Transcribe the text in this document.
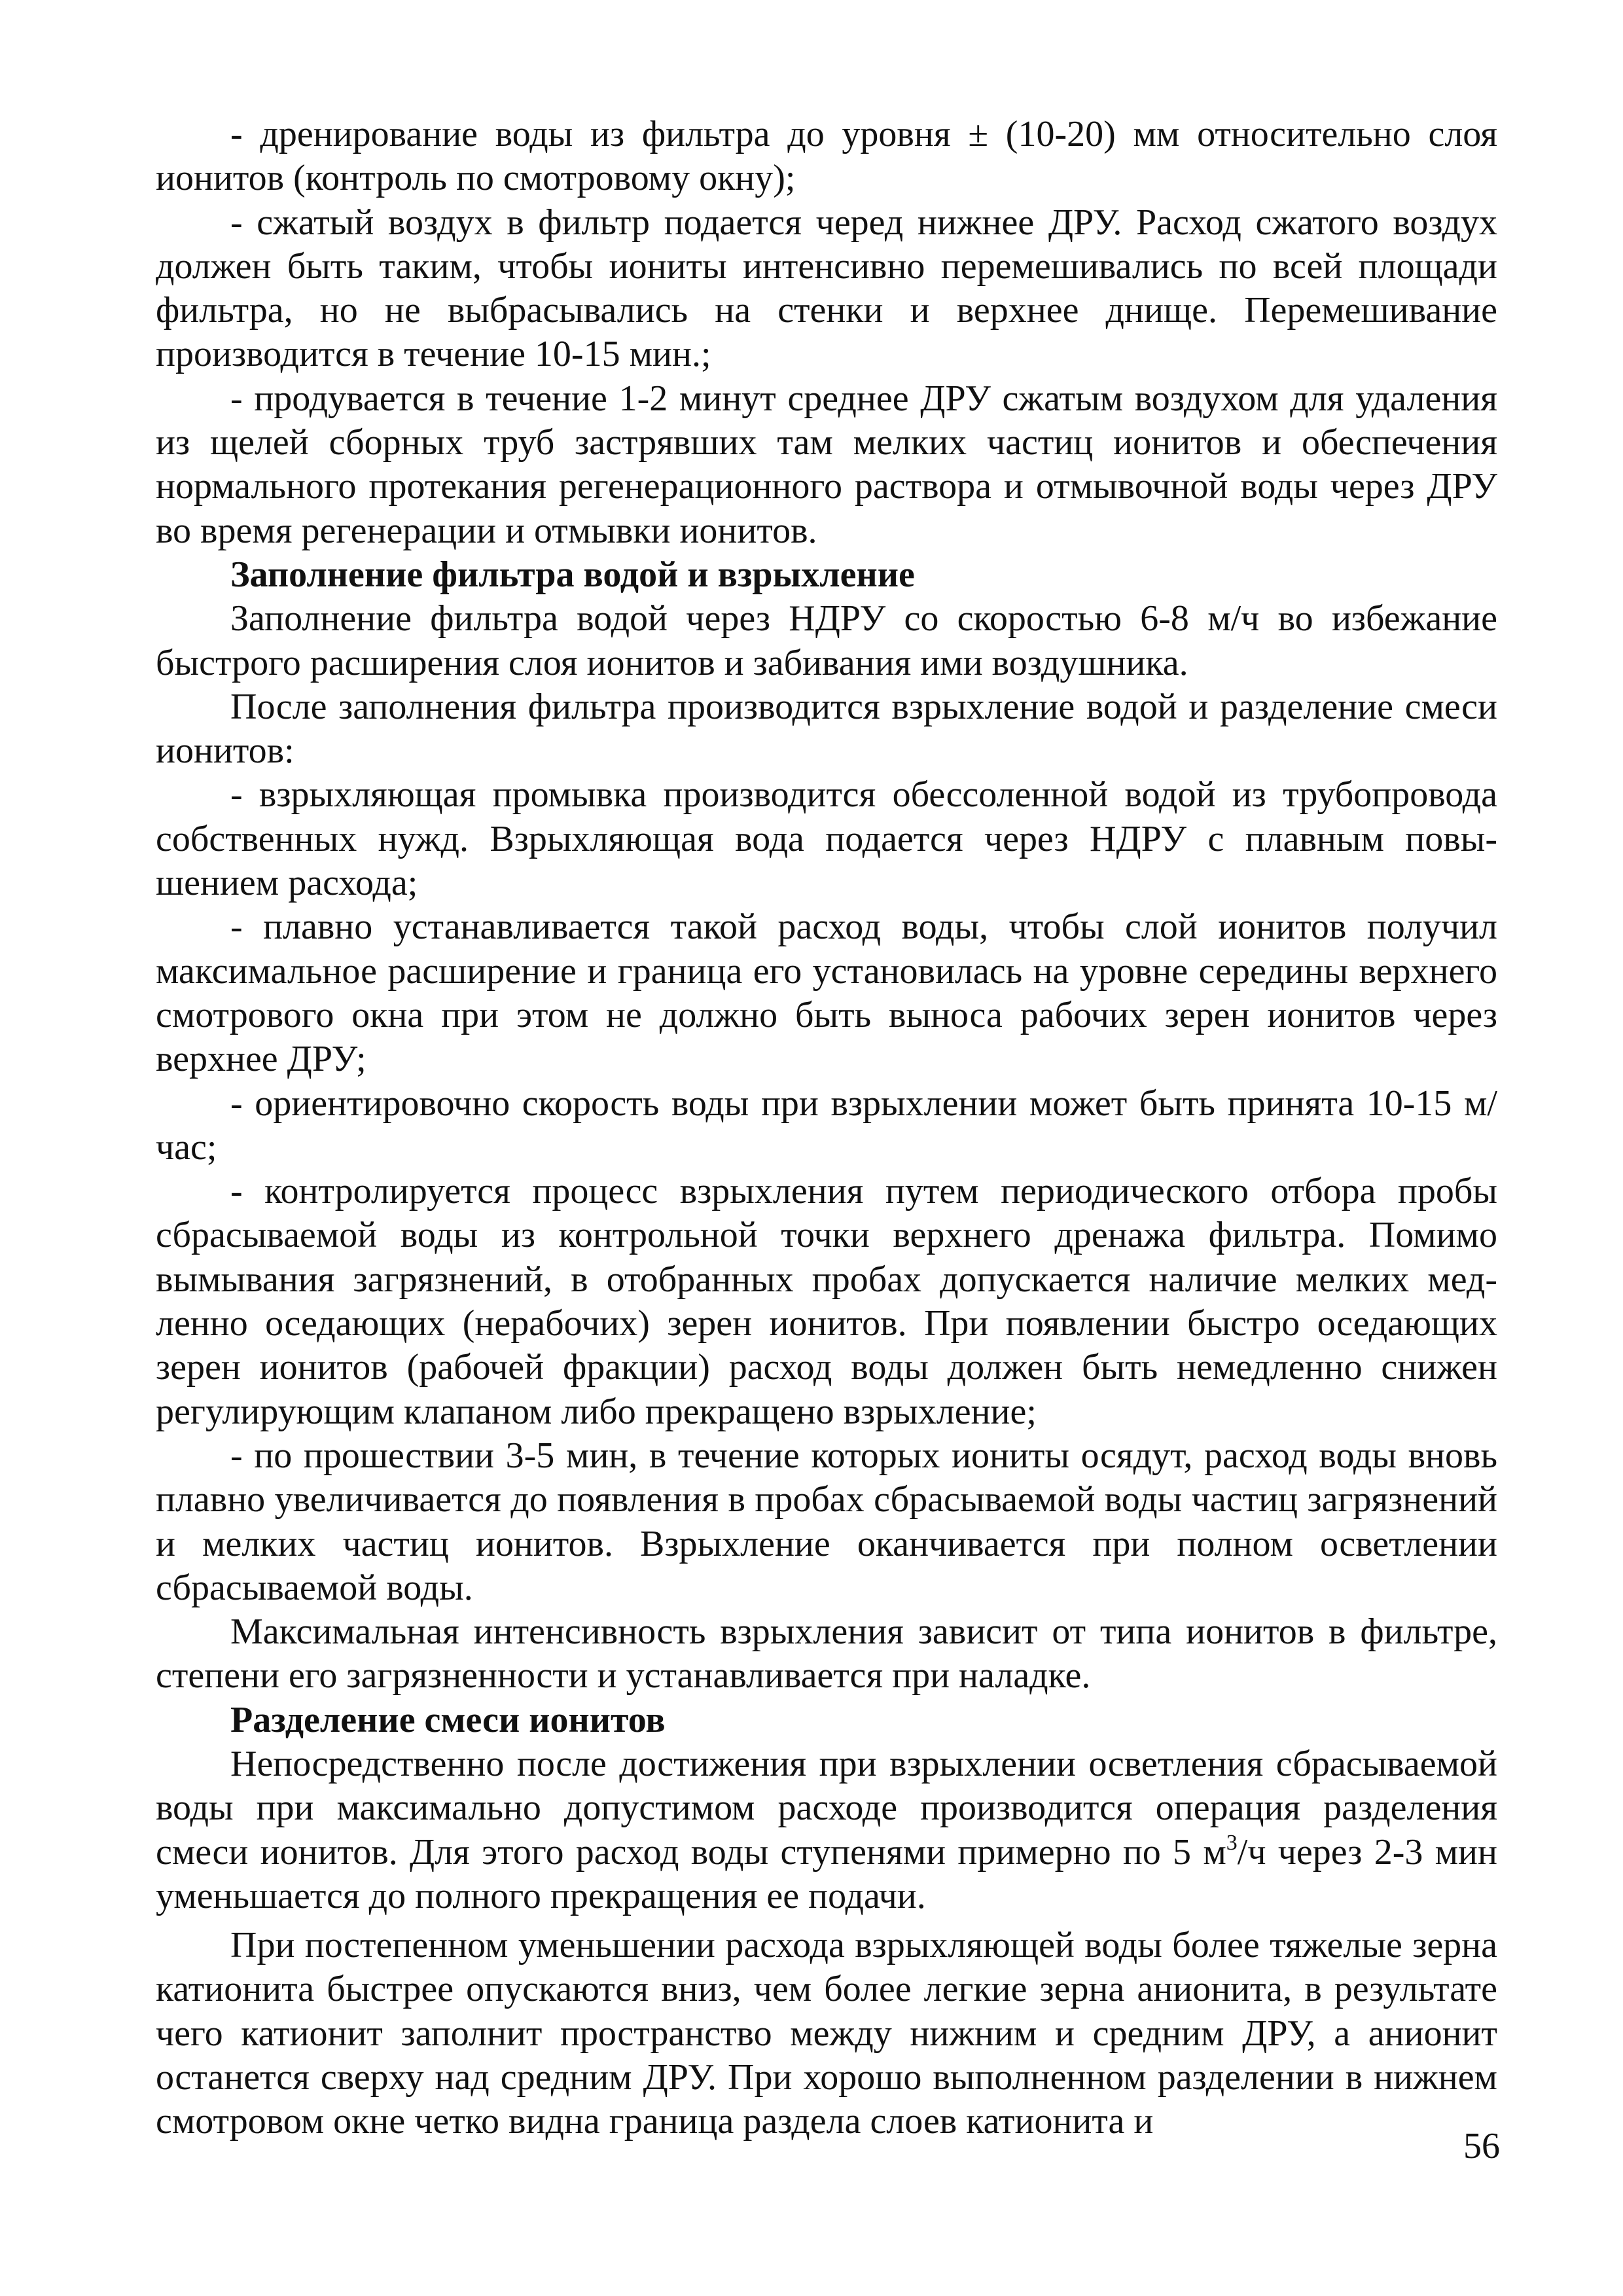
- дренирование воды из фильтра до уровня ± (10-20) мм относительно слоя ионитов (контроль по смотровому окну);

- сжатый воздух в фильтр подается черед нижнее ДРУ. Расход сжатого воздух должен быть таким, чтобы иониты интенсивно перемешивались по всей площади фильтра, но не выбрасывались на стенки и верхнее днище. Перемешивание производится в течение 10-15 мин.;

- продувается в течение 1-2 минут среднее ДРУ сжатым воздухом для удаления из щелей сборных труб застрявших там мелких частиц ионитов и обеспечения нормального протекания регенерационного раствора и отмывочной воды через ДРУ во время регенерации и отмывки ионитов.

Заполнение фильтра водой и взрыхление

Заполнение фильтра водой через НДРУ со скоростью 6-8 м/ч во избежание быстрого расширения слоя ионитов и забивания ими воздушника.

После заполнения фильтра производится взрыхление водой и разделение смеси ионитов:

- взрыхляющая промывка производится обессоленной водой из трубопровода собственных нужд. Взрыхляющая вода подается через НДРУ с плавным повышением расхода;

- плавно устанавливается такой расход воды, чтобы слой ионитов получил максимальное расширение и граница его установилась на уровне середины верхнего смотрового окна при этом не должно быть выноса рабочих зерен ионитов через верхнее ДРУ;

- ориентировочно скорость воды при взрыхлении может быть принята 10-15 м/час;

- контролируется процесс взрыхления путем периодического отбора пробы сбрасываемой воды из контрольной точки верхнего дренажа фильтра. Помимо вымывания загрязнений, в отобранных пробах допускается наличие мелких медленно оседающих (нерабочих) зерен ионитов. При появлении быстро оседающих зерен ионитов (рабочей фракции) расход воды должен быть немедленно снижен регулирующим клапаном либо прекращено взрыхление;

- по прошествии 3-5 мин, в течение которых иониты осядут, расход воды вновь плавно увеличивается до появления в пробах сбрасываемой воды частиц загрязнений и мелких частиц ионитов. Взрыхление оканчивается при полном осветлении сбрасываемой воды.

Максимальная интенсивность взрыхления зависит от типа ионитов в фильтре, степени его загрязненности и устанавливается при наладке.

Разделение смеси ионитов

Непосредственно после достижения при взрыхлении осветления сбрасываемой воды при максимально допустимом расходе производится операция разделения смеси ионитов. Для этого расход воды ступенями примерно по 5 $м^3/ч$ через 2-3 мин уменьшается до полного прекращения ее подачи.

При постепенном уменьшении расхода взрыхляющей воды более тяжелые зерна катионита быстрее опускаются вниз, чем более легкие зерна анионита, в результате чего катионит заполнит пространство между нижним и средним ДРУ, а анионит останется сверху над средним ДРУ. При хорошо выполненном разделении в нижнем смотровом окне четко видна граница раздела слоев катионита и

56
